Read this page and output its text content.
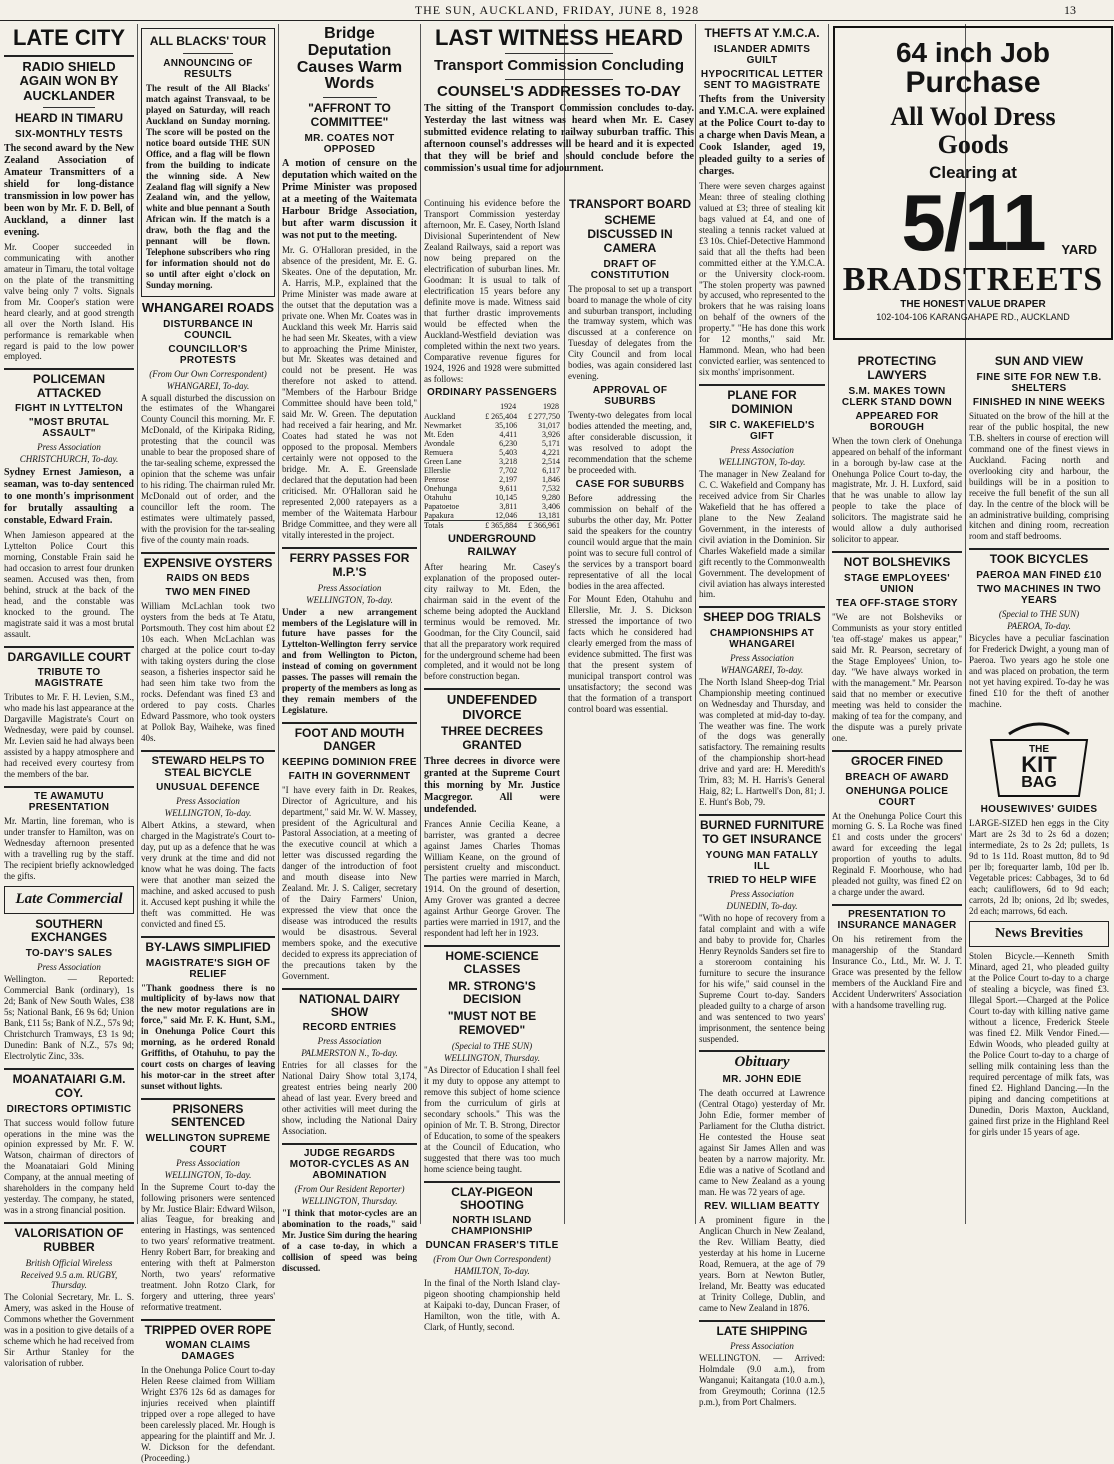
THE SUN, AUCKLAND, FRIDAY, JUNE 8, 1928	13
LATE CITY
RADIO SHIELD AGAIN WON BY AUCKLANDER
HEARD IN TIMARU
SIX-MONTHLY TESTS
The second award by the New Zealand Association of Amateur Transmitters of a shield for long-distance transmission in low power has been won by Mr. F. D. Bell, of Auckland, a dinner last evening.
Mr. Cooper succeeded in communicating with another amateur in Timaru, the total voltage on the plate of the transmitting valve being only 7 volts. Signals from Mr. Cooper's station were heard clearly, and at good strength all over the North Island. His performance is remarkable when regard is paid to the low power employed.
POLICEMAN ATTACKED
FIGHT IN LYTTELTON
"MOST BRUTAL ASSAULT"
Press Association
CHRISTCHURCH, To-day.
Sydney Ernest Jamieson, a seaman, was to-day sentenced to one month's imprisonment for brutally assaulting a constable, Edward Frain.
When Jamieson appeared at the Lyttelton Police Court this morning, Constable Frain said he had occasion to arrest four drunken seamen. Accused was then, from behind, struck at the back of the head, and the constable was knocked to the ground. The magistrate said it was a most brutal assault.
DARGAVILLE COURT
TRIBUTE TO MAGISTRATE
Tributes to Mr. F. H. Levien, S.M., who made his last appearance at the Dargaville Magistrate's Court on Wednesday, were paid by counsel. Mr. Levien said he had always been assisted by a happy atmosphere and had received every courtesy from the members of the bar.
TE AWAMUTU PRESENTATION
Mr. Martin, line foreman, who is under transfer to Hamilton, was on Wednesday afternoon presented with a travelling rug by the staff. The recipient briefly acknowledged the gifts.
Late Commercial
SOUTHERN EXCHANGES
TO-DAY'S SALES
Press Association
Wellington. — Reported: Commercial Bank (ordinary), 1s 2d; Bank of New South Wales, £38 5s; National Bank, £6 9s 6d; Union Bank, £11 5s; Bank of N.Z., 57s 9d; Christchurch Tramways, £3 1s 9d; Dunedin: Bank of N.Z., 57s 9d; Electrolytic Zinc, 33s.
MOANATAIARI G.M. COY.
DIRECTORS OPTIMISTIC
That success would follow future operations in the mine was the opinion expressed by Mr. F. W. Watson, chairman of directors of the Moanataiari Gold Mining Company, at the annual meeting of shareholders in the company held yesterday. The company, he stated, was in a strong financial position.
VALORISATION OF RUBBER
British Official Wireless
Received 9.5 a.m. RUGBY, Thursday.
The Colonial Secretary, Mr. L. S. Amery, was asked in the House of Commons whether the Government was in a position to give details of a scheme which he had received from Sir Arthur Stanley for the valorisation of rubber.
ALL BLACKS' TOUR
ANNOUNCING OF RESULTS
The result of the All Blacks' match against Transvaal, to be played on Saturday, will reach Auckland on Sunday morning. The score will be posted on the notice board outside THE SUN Office, and a flag will be flown from the building to indicate the winning side. A New Zealand flag will signify a New Zealand win, and the yellow, white and blue pennant a South African win. If the match is a draw, both the flag and the pennant will be flown. Telephone subscribers who ring for information should not do so until after eight o'clock on Sunday morning.
WHANGAREI ROADS
DISTURBANCE IN COUNCIL
COUNCILLOR'S PROTESTS
(From Our Own Correspondent)
WHANGAREI, To-day.
A squall disturbed the discussion on the estimates of the Whangarei County Council this morning. Mr. F. McDonald, of the Kiripaka Riding, protesting that the council was unable to bear the proposed share of the tar-sealing scheme, expressed the opinion that the scheme was unfair to his riding. The chairman ruled Mr. McDonald out of order, and the councillor left the room. The estimates were ultimately passed, with the provision for the tar-sealing five of the county main roads.
EXPENSIVE OYSTERS
RAIDS ON BEDS
TWO MEN FINED
William McLachlan took two oysters from the beds at Te Atatu, Portsmouth. They cost him about £2 10s each. When McLachlan was charged at the police court to-day with taking oysters during the close season, a fisheries inspector said he had seen him take two from the rocks. Defendant was fined £3 and ordered to pay costs. Charles Edward Passmore, who took oysters at Pollok Bay, Waiheke, was fined 40s.
STEWARD HELPS TO STEAL BICYCLE
UNUSUAL DEFENCE
Press Association
WELLINGTON, To-day.
Albert Atkins, a steward, when charged in the Magistrate's Court to-day, put up as a defence that he was very drunk at the time and did not know what he was doing. The facts were that another man seized the machine, and asked accused to push it. Accused kept pushing it while the theft was committed. He was convicted and fined £5.
BY-LAWS SIMPLIFIED
MAGISTRATE'S SIGH OF RELIEF
"Thank goodness there is no multiplicity of by-laws now that the new motor regulations are in force," said Mr. F. K. Hunt, S.M., in Onehunga Police Court this morning, as he ordered Ronald Griffiths, of Otahuhu, to pay the court costs on charges of leaving his motor-car in the street after sunset without lights.
PRISONERS SENTENCED
WELLINGTON SUPREME COURT
Press Association
WELLINGTON, To-day.
In the Supreme Court to-day the following prisoners were sentenced by Mr. Justice Blair: Edward Wilson, alias Teague, for breaking and entering in Hastings, was sentenced to two years' reformative treatment. Henry Robert Barr, for breaking and entering with theft at Palmerston North, two years' reformative treatment. John Rotzo Clark, for forgery and uttering, three years' reformative treatment.
TRIPPED OVER ROPE
WOMAN CLAIMS DAMAGES
In the Onehunga Police Court to-day Helen Reese claimed from William Wright £376 12s 6d as damages for injuries received when plaintiff tripped over a rope alleged to have been carelessly placed. Mr. Hough is appearing for the plaintiff and Mr. J. W. Dickson for the defendant. (Proceeding.)
Bridge Deputation Causes Warm Words
"AFFRONT TO COMMITTEE"
MR. COATES NOT OPPOSED
A motion of censure on the deputation which waited on the Prime Minister was proposed at a meeting of the Waitemata Harbour Bridge Association, but after warm discussion it was not put to the meeting.
Mr. G. O'Halloran presided, in the absence of the president, Mr. E. G. Skeates. One of the deputation, Mr. A. Harris, M.P., explained that the Prime Minister was made aware at the outset that the deputation was a private one. When Mr. Coates was in Auckland this week Mr. Harris said he had seen Mr. Skeates, with a view to approaching the Prime Minister, but Mr. Skeates was detained and could not be present. He was therefore not asked to attend. "Members of the Harbour Bridge Committee should have been told," said Mr. W. Green. The deputation had received a fair hearing, and Mr. Coates had stated he was not opposed to the proposal. Members certainly were not opposed to the bridge. Mr. A. E. Greenslade declared that the deputation had been criticised. Mr. O'Halloran said he represented 2,000 ratepayers as a member of the Waitemata Harbour Bridge Committee, and they were all vitally interested in the project.
FERRY PASSES FOR M.P.'S
Press Association
WELLINGTON, To-day.
Under a new arrangement members of the Legislature will in future have passes for the Lyttelton-Wellington ferry service and from Wellington to Picton, instead of coming on government passes. The passes will remain the property of the members as long as they remain members of the Legislature.
FOOT AND MOUTH DANGER
KEEPING DOMINION FREE
FAITH IN GOVERNMENT
"I have every faith in Dr. Reakes, Director of Agriculture, and his department," said Mr. W. W. Massey, president of the Agricultural and Pastoral Association, at a meeting of the executive council at which a letter was discussed regarding the danger of the introduction of foot and mouth disease into New Zealand. Mr. J. S. Caliger, secretary of the Dairy Farmers' Union, expressed the view that once the disease was introduced the results would be disastrous. Several members spoke, and the executive decided to express its appreciation of the precautions taken by the Government.
NATIONAL DAIRY SHOW
RECORD ENTRIES
Press Association
PALMERSTON N., To-day.
Entries for all classes for the National Dairy Show total 3,174, greatest entries being nearly 200 ahead of last year. Every breed and other activities will meet during the show, including the National Dairy Association.
JUDGE REGARDS MOTOR-CYCLES AS AN ABOMINATION
(From Our Resident Reporter)
WELLINGTON, Thursday.
"I think that motor-cycles are an abomination to the roads," said Mr. Justice Sim during the hearing of a case to-day, in which a collision of speed was being discussed.
LAST WITNESS HEARD
Transport Commission Concluding
COUNSEL'S ADDRESSES TO-DAY
The sitting of the Transport Commission concludes to-day. Yesterday the last witness was heard when Mr. E. Casey submitted evidence relating to railway suburban traffic. This afternoon counsel's addresses will be heard and it is expected that they will be brief and should conclude before the commission's usual time for adjournment.
Continuing his evidence before the Transport Commission yesterday afternoon, Mr. E. Casey, North Island Divisional Superintendent of New Zealand Railways, said a report was now being prepared on the electrification of suburban lines. Mr. Goodman: It is usual to talk of electrification 15 years before any definite move is made. Witness said that further drastic improvements would be effected when the Auckland-Westfield deviation was completed within the next two years. Comparative revenue figures for 1924, 1926 and 1928 were submitted as follows:
ORDINARY PASSENGERS
	1924	1928
Auckland	£ 265,404	£ 277,750
Newmarket	35,106	31,017
Mt. Eden	4,411	3,926
Avondale	6,230	5,171
Remuera	5,403	4,221
Green Lane	3,218	2,514
Ellerslie	7,702	6,117
Penrose	2,197	1,846
Onehunga	9,611	7,532
Otahuhu	10,145	9,280
Papatoetoe	3,811	3,406
Papakura	12,046	13,181
Totals	£ 365,884	£ 366,961
UNDERGROUND RAILWAY
After hearing Mr. Casey's explanation of the proposed outer-city railway to Mt. Eden, the chairman said in the event of the scheme being adopted the Auckland terminus would be removed. Mr. Goodman, for the City Council, said that all the preparatory work required for the underground scheme had been completed, and it would not be long before construction began.
UNDEFENDED DIVORCE
THREE DECREES GRANTED
Three decrees in divorce were granted at the Supreme Court this morning by Mr. Justice Macgregor. All were undefended.
Frances Annie Cecilia Keane, a barrister, was granted a decree against James Charles Thomas William Keane, on the ground of persistent cruelty and misconduct. The parties were married in March, 1914. On the ground of desertion, Amy Grover was granted a decree against Arthur George Grover. The parties were married in 1917, and the respondent had left her in 1923.
HOME-SCIENCE CLASSES
MR. STRONG'S DECISION
"MUST NOT BE REMOVED"
(Special to THE SUN)
WELLINGTON, Thursday.
"As Director of Education I shall feel it my duty to oppose any attempt to remove this subject of home science from the curriculum of girls at secondary schools." This was the opinion of Mr. T. B. Strong, Director of Education, to some of the speakers at the Council of Education, who suggested that there was too much home science being taught.
CLAY-PIGEON SHOOTING
NORTH ISLAND CHAMPIONSHIP
DUNCAN FRASER'S TITLE
(From Our Own Correspondent)
HAMILTON, To-day.
In the final of the North Island clay-pigeon shooting championship held at Kaipaki to-day, Duncan Fraser, of Hamilton, won the title, with A. Clark, of Huntly, second.
TRANSPORT BOARD
SCHEME DISCUSSED IN CAMERA
DRAFT OF CONSTITUTION
The proposal to set up a transport board to manage the whole of city and suburban transport, including the tramway system, which was discussed at a conference on Tuesday of delegates from the City Council and from local bodies, was again considered last evening.
APPROVAL OF SUBURBS
Twenty-two delegates from local bodies attended the meeting, and, after considerable discussion, it was resolved to adopt the recommendation that the scheme be proceeded with.
CASE FOR SUBURBS
Before addressing the commission on behalf of the suburbs the other day, Mr. Potter said the speakers for the country council would argue that the main point was to secure full control of the services by a transport board representative of all the local bodies in the area affected.
For Mount Eden, Otahuhu and Ellerslie, Mr. J. S. Dickson stressed the importance of two facts which he considered had clearly emerged from the mass of evidence submitted. The first was that the present system of municipal transport control was unsatisfactory; the second was that the formation of a transport control board was essential.
THEFTS AT Y.M.C.A.
ISLANDER ADMITS GUILT
HYPOCRITICAL LETTER SENT TO MAGISTRATE
Thefts from the University and Y.M.C.A. were explained at the Police Court to-day to a charge when Davis Mean, a Cook Islander, aged 19, pleaded guilty to a series of charges.
There were seven charges against Mean: three of stealing clothing valued at £3; three of stealing kit bags valued at £4, and one of stealing a tennis racket valued at £3 10s. Chief-Detective Hammond said that all the thefts had been committed either at the Y.M.C.A. or the University clock-room. "The stolen property was pawned by accused, who represented to the brokers that he was raising loans on behalf of the owners of the property." "He has done this work for 12 months," said Mr. Hammond. Mean, who had been convicted earlier, was sentenced to six months' imprisonment.
PLANE FOR DOMINION
SIR C. WAKEFIELD'S GIFT
Press Association
WELLINGTON, To-day.
The manager in New Zealand for C. C. Wakefield and Company has received advice from Sir Charles Wakefield that he has offered a plane to the New Zealand Government, in the interests of civil aviation in the Dominion. Sir Charles Wakefield made a similar gift recently to the Commonwealth Government. The development of civil aviation has always interested him.
SHEEP DOG TRIALS
CHAMPIONSHIPS AT WHANGAREI
Press Association
WHANGAREI, To-day.
The North Island Sheep-dog Trial Championship meeting continued on Wednesday and Thursday, and was completed at mid-day to-day. The weather was fine. The work of the dogs was generally satisfactory. The remaining results of the championship short-head drive and yard are: H. Meredith's Trim, 83; M. H. Harris's General Haig, 82; L. Hartwell's Don, 81; J. E. Hunt's Bob, 79.
BURNED FURNITURE TO GET INSURANCE
YOUNG MAN FATALLY ILL
TRIED TO HELP WIFE
Press Association
DUNEDIN, To-day.
"With no hope of recovery from a fatal complaint and with a wife and baby to provide for, Charles Henry Reynolds Sanders set fire to a storeroom containing his furniture to secure the insurance for his wife," said counsel in the Supreme Court to-day. Sanders pleaded guilty to a charge of arson and was sentenced to two years' imprisonment, the sentence being suspended.
Obituary
MR. JOHN EDIE
The death occurred at Lawrence (Central Otago) yesterday of Mr. John Edie, former member of Parliament for the Clutha district. He contested the House seat against Sir James Allen and was beaten by a narrow majority. Mr. Edie was a native of Scotland and came to New Zealand as a young man. He was 72 years of age.
REV. WILLIAM BEATTY
A prominent figure in the Anglican Church in New Zealand, the Rev. William Beatty, died yesterday at his home in Lucerne Road, Remuera, at the age of 79 years. Born at Newton Butler, Ireland, Mr. Beatty was educated at Trinity College, Dublin, and came to New Zealand in 1876.
LATE SHIPPING
Press Association
WELLINGTON. — Arrived: Holmdale (9.0 a.m.), from Wanganui; Kaitangata (10.0 a.m.), from Greymouth; Corinna (12.5 p.m.), from Port Chalmers.
64 inch Job
Purchase
All Wool Dress
Goods
Clearing at
5/11 YARD
BRADSTREETS
THE HONEST VALUE DRAPER
102-104-106 KARANGAHAPE RD., AUCKLAND
PROTECTING LAWYERS
S.M. MAKES TOWN CLERK STAND DOWN
APPEARED FOR BOROUGH
When the town clerk of Onehunga appeared on behalf of the informant in a borough by-law case at the Onehunga Police Court to-day, the magistrate, Mr. J. H. Luxford, said that he was unable to allow lay people to take the place of solicitors. The magistrate said he would allow a duly authorised solicitor to appear.
NOT BOLSHEVIKS
STAGE EMPLOYEES' UNION
TEA OFF-STAGE STORY
"We are not Bolsheviks or Communists as your story entitled 'tea off-stage' makes us appear," said Mr. R. Pearson, secretary of the Stage Employees' Union, to-day. "We have always worked in with the management." Mr. Pearson said that no member or executive meeting was held to consider the making of tea for the company, and the dispute was a purely private one.
GROCER FINED
BREACH OF AWARD
ONEHUNGA POLICE COURT
At the Onehunga Police Court this morning G. S. La Roche was fined £1 and costs under the grocers' award for exceeding the legal proportion of youths to adults. Reginald F. Moorhouse, who had pleaded not guilty, was fined £2 on a charge under the award.
PRESENTATION TO INSURANCE MANAGER
On his retirement from the managership of the Standard Insurance Co., Ltd., Mr. W. J. T. Grace was presented by the fellow members of the Auckland Fire and Accident Underwriters' Association with a handsome travelling rug.
SUN AND VIEW
FINE SITE FOR NEW T.B. SHELTERS
FINISHED IN NINE WEEKS
Situated on the brow of the hill at the rear of the public hospital, the new T.B. shelters in course of erection will command one of the finest views in Auckland. Facing north and overlooking city and harbour, the buildings will be in a position to receive the full benefit of the sun all day. In the centre of the block will be an administrative building, comprising kitchen and dining room, recreation room and staff bedrooms.
TOOK BICYCLES
PAEROA MAN FINED £10
TWO MACHINES IN TWO YEARS
(Special to THE SUN)
PAEROA, To-day.
Bicycles have a peculiar fascination for Frederick Dwight, a young man of Paeroa. Two years ago he stole one and was placed on probation, the term not yet having expired. To-day he was fined £10 for the theft of another machine.
THE
KIT
BAG
HOUSEWIVES' GUIDES
LARGE-SIZED hen eggs in the City Mart are 2s 3d to 2s 6d a dozen; intermediate, 2s to 2s 2d; pullets, 1s 9d to 1s 11d. Roast mutton, 8d to 9d per lb; forequarter lamb, 10d per lb. Vegetable prices: Cabbages, 3d to 6d each; cauliflowers, 6d to 9d each; carrots, 2d lb; onions, 2d lb; swedes, 2d each; marrows, 6d each.
News Brevities
Stolen Bicycle.—Kenneth Smith Minard, aged 21, who pleaded guilty at the Police Court to-day to a charge of stealing a bicycle, was fined £3. Illegal Sport.—Charged at the Police Court to-day with killing native game without a licence, Frederick Steele was fined £2. Milk Vendor Fined.—Edwin Woods, who pleaded guilty at the Police Court to-day to a charge of selling milk containing less than the required percentage of milk fats, was fined £2. Highland Dancing.—In the piping and dancing competitions at Dunedin, Doris Maxton, Auckland, gained first prize in the Highland Reel for girls under 15 years of age.
